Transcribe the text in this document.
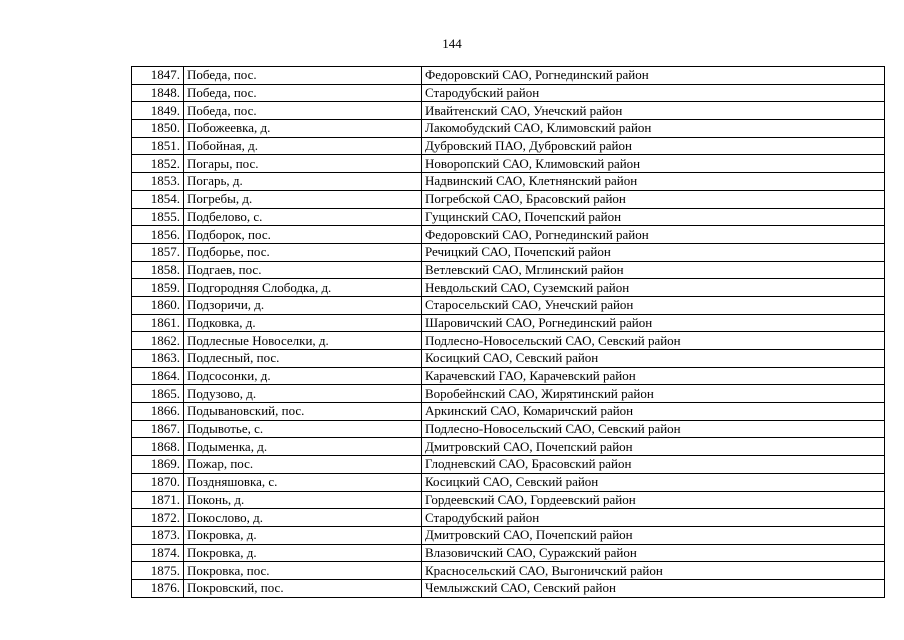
144
1847.	Победа, пос.	Федоровский САО, Рогнединский район
1848.	Победа, пос.	Стародубский район
1849.	Победа, пос.	Ивайтенский САО, Унечский район
1850.	Побожеевка, д.	Лакомобудский САО, Климовский район
1851.	Побойная, д.	Дубровский ПАО, Дубровский район
1852.	Погары, пос.	Новоропский САО, Климовский район
1853.	Погарь, д.	Надвинский САО, Клетнянский район
1854.	Погребы, д.	Погребской САО, Брасовский район
1855.	Подбелово, с.	Гущинский САО, Почепский район
1856.	Подборок, пос.	Федоровский САО, Рогнединский район
1857.	Подборье, пос.	Речицкий САО, Почепский район
1858.	Подгаев, пос.	Ветлевский САО, Мглинский район
1859.	Подгородняя Слободка, д.	Невдольский САО, Суземский район
1860.	Подзоричи, д.	Старосельский САО, Унечский район
1861.	Подковка, д.	Шаровичский САО, Рогнединский район
1862.	Подлесные Новоселки, д.	Подлесно-Новосельский САО, Севский район
1863.	Подлесный, пос.	Косицкий САО, Севский район
1864.	Подсосонки, д.	Карачевский ГАО, Карачевский район
1865.	Подузово, д.	Воробейнский САО, Жирятинский район
1866.	Подывановский, пос.	Аркинский САО, Комаричский район
1867.	Подывотье, с.	Подлесно-Новосельский САО, Севский район
1868.	Подыменка, д.	Дмитровский САО, Почепский район
1869.	Пожар, пос.	Глодневский САО, Брасовский район
1870.	Поздняшовка, с.	Косицкий САО, Севский район
1871.	Поконь, д.	Гордеевский САО, Гордеевский район
1872.	Покослово, д.	Стародубский район
1873.	Покровка, д.	Дмитровский САО, Почепский район
1874.	Покровка, д.	Влазовичский САО, Суражский район
1875.	Покровка, пос.	Красносельский САО, Выгоничский район
1876.	Покровский, пос.	Чемлыжский САО, Севский район
